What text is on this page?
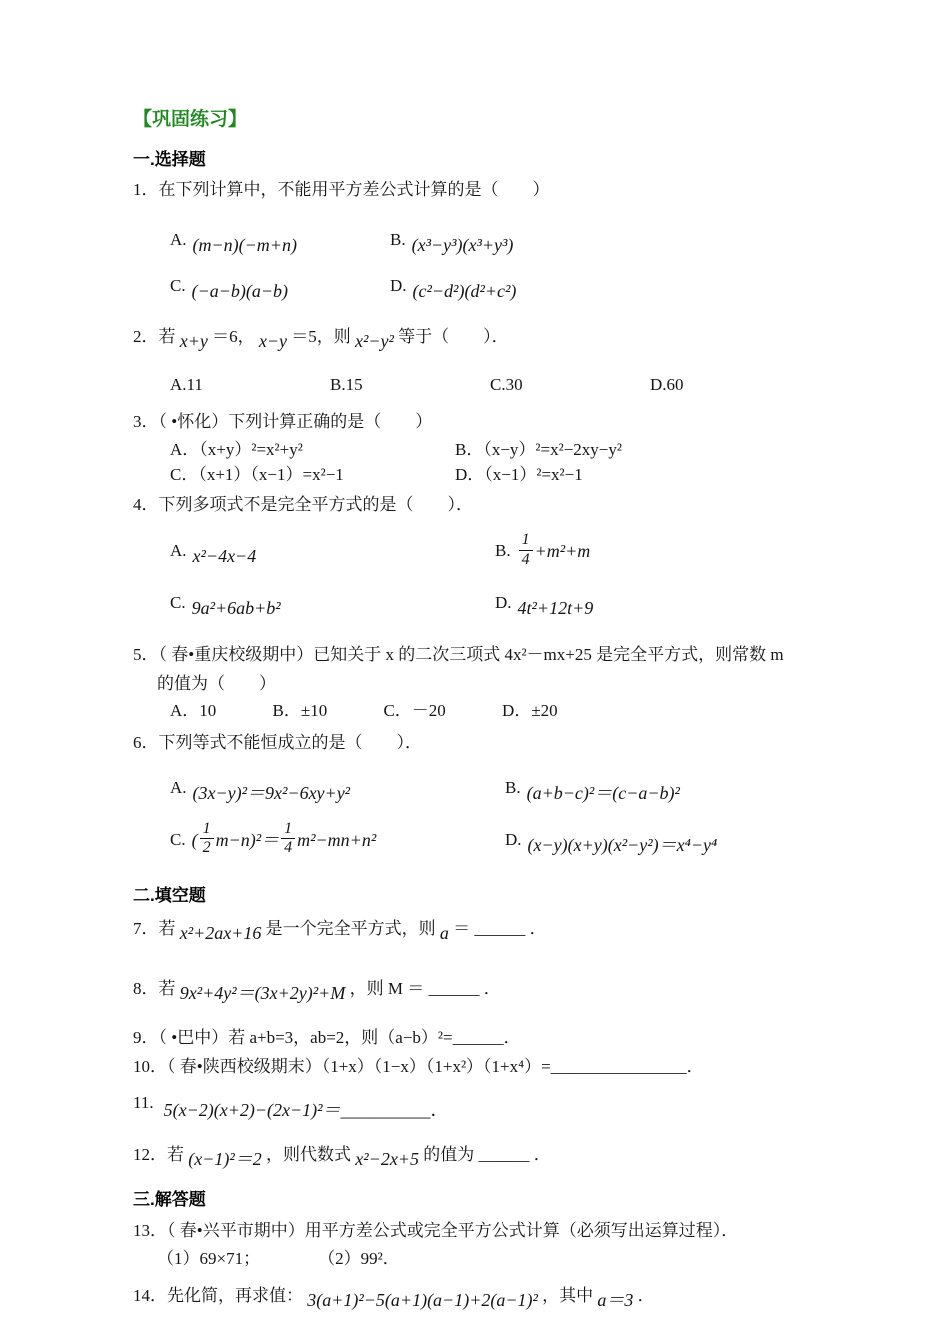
【巩固练习】
一.选择题

1．在下列计算中，不能用平方差公式计算的是（　　）

A. (m−n)(−m+n)	B. (x³−y³)(x³+y³)
C. (−a−b)(a−b)	D. (c²−d²)(d²+c²)

2．若 x+y ＝6， x−y ＝5，则 x²−y² 等于（　　）．

A.11	B.15	C.30	D.60

3．（ •怀化）下列计算正确的是（　　）

A．（x+y）²=x²+y²	B．（x−y）²=x²−2xy−y²
C．（x+1）（x−1）=x²−1	D．（x−1）²=x²−1

4．下列多项式不是完全平方式的是（　　）．

A. x²−4x−4	B. $\frac{1}{4} +m^2+m$
C. 9a²+6ab+b²	D. 4t²+12t+9

5．（ 春•重庆校级期中）已知关于 x 的二次三项式 4x²－mx+25 是完全平方式，则常数 m

的值为（　　）

A．10	B．±10	C．－20	D．±20

6．下列等式不能恒成立的是（　　）．

A. (3x−y)²＝9x²−6xy+y²	B. (a+b−c)²＝(c−a−b)²
C. ( $\frac{1}{2} m-n)^2 = \frac{1}{4} m^2-mn+n^2$	D. (x−y)(x+y)(x²−y²)＝x⁴−y⁴
二.填空题

7．若 x²+2ax+16 是一个完全平方式，则 a ＝ ______ ．

8．若 9x²+4y²＝(3x+2y)²+M ，则 M ＝ ______ ．

9．（ •巴中）若 a+b=3，ab=2，则（a−b）²=______．

10．（ 春•陕西校级期末）（1+x）（1−x）（1+x²）（1+x⁴）=________________．

11. 5(x−2)(x+2)−(2x−1)²＝__________．

12．若 (x−1)²＝2 ，则代数式 x²−2x+5 的值为 ______ ．

三.解答题

13．（ 春•兴平市期中）用平方差公式或完全平方公式计算（必须写出运算过程）．

（1）69×71；	（2）99²．

14．先化简，再求值： 3(a+1)²−5(a+1)(a−1)+2(a−1)² ，其中 a＝3 ．
